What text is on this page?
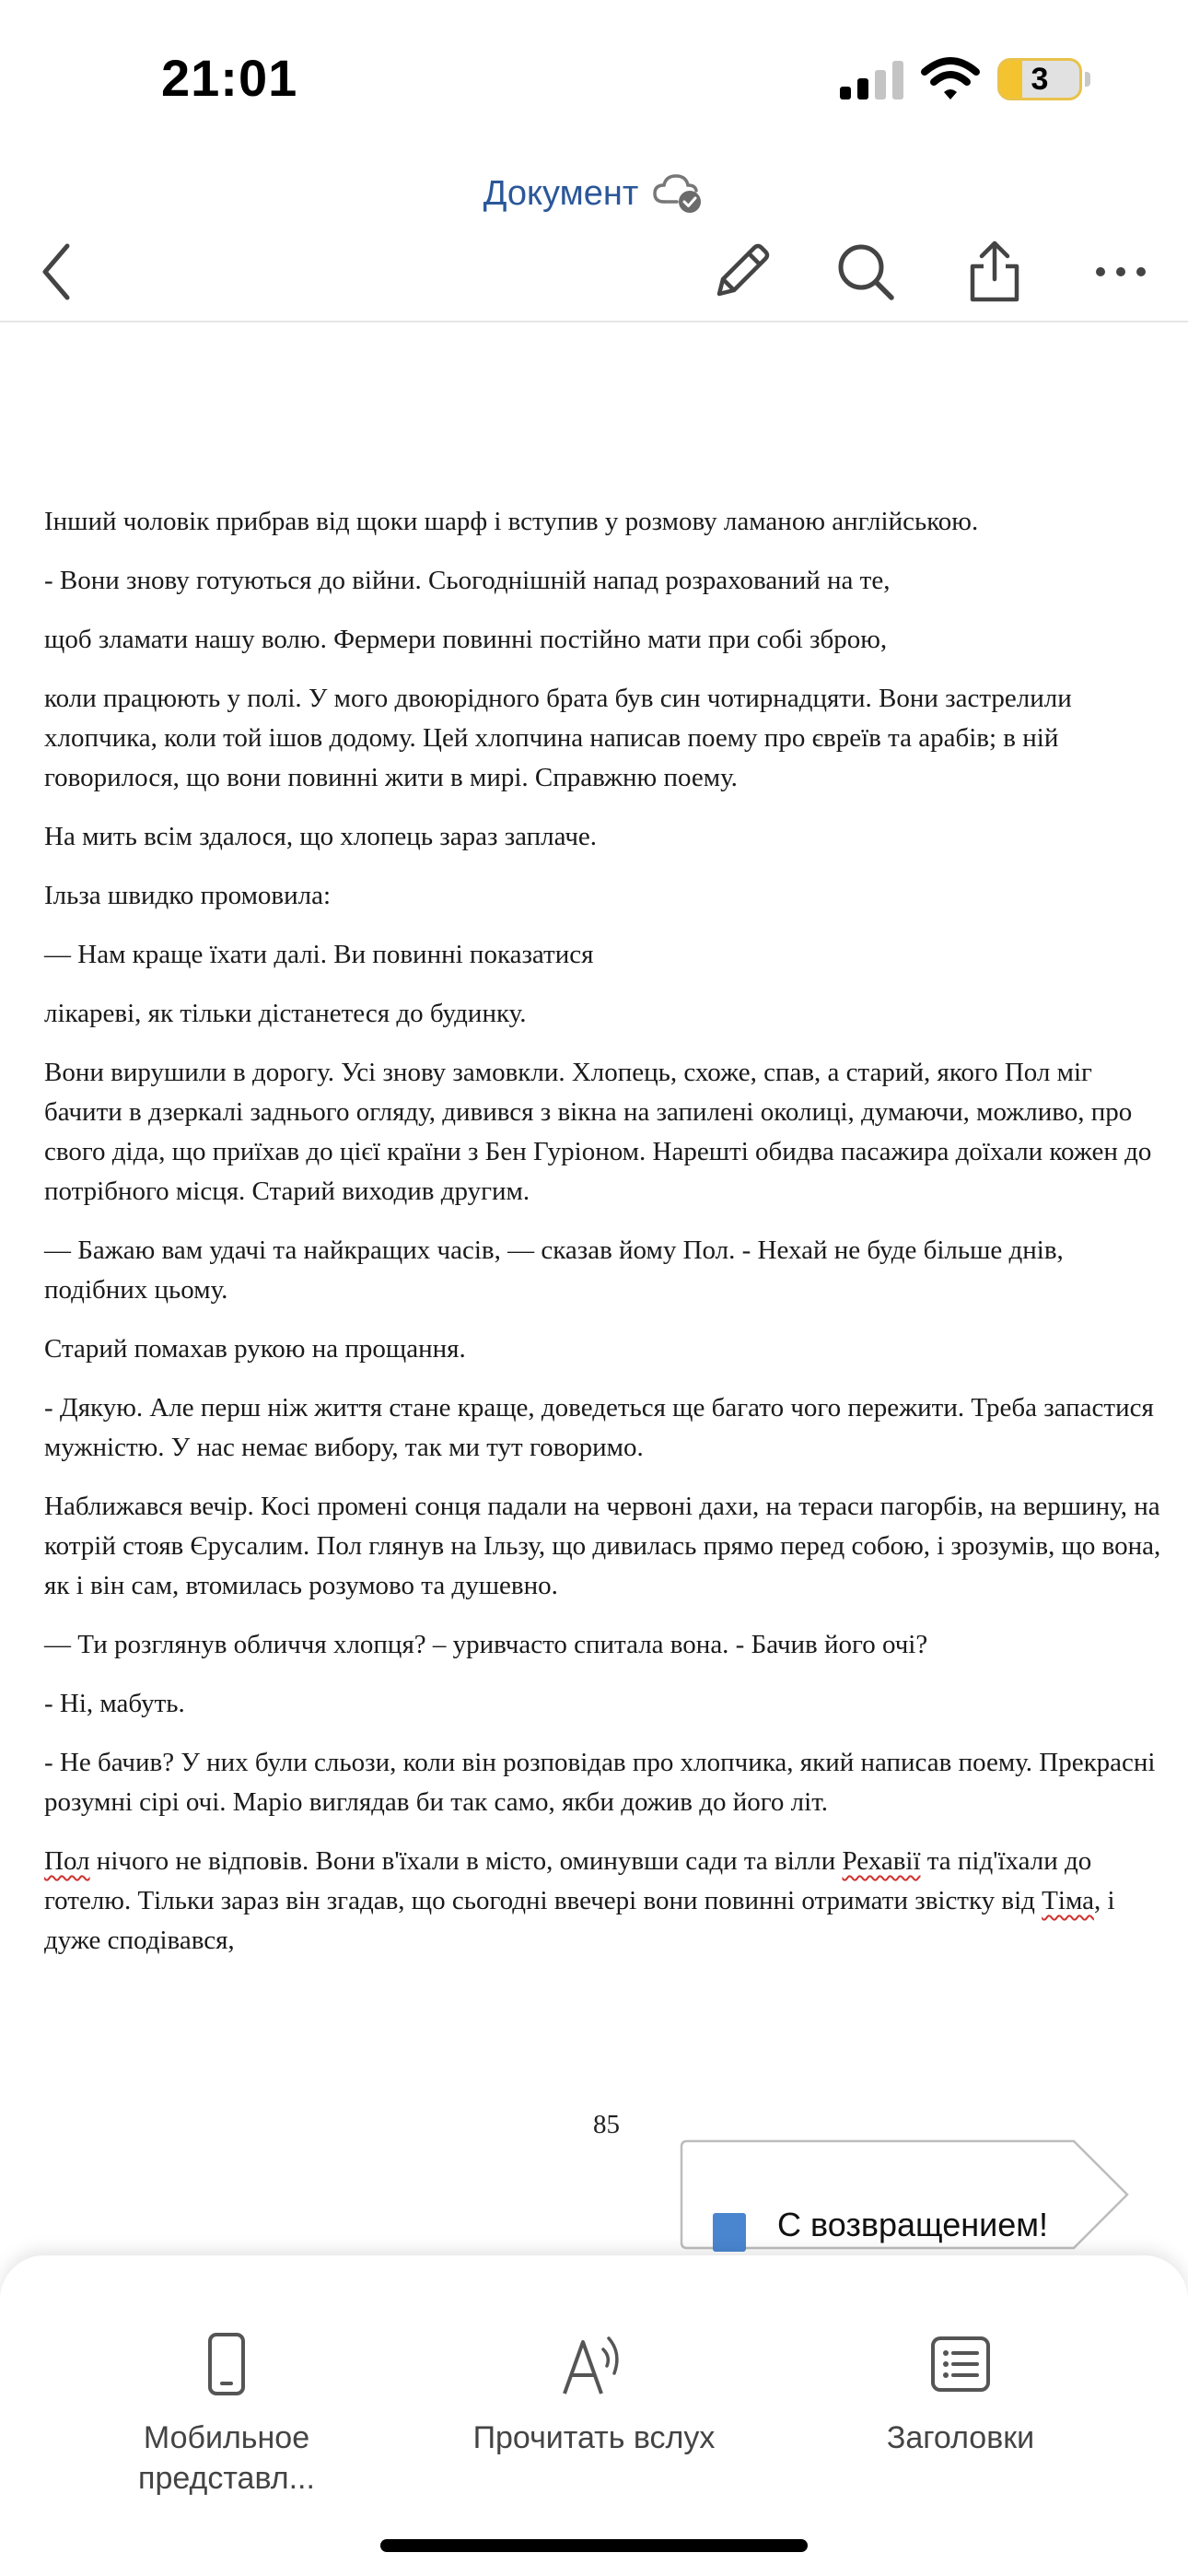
21:01	3
Документ

Інший чоловік прибрав від щоки шарф і вступив у розмову ламаною англійською.

- Вони знову готуються до війни. Сьогоднішній напад розрахований на те,

щоб зламати нашу волю. Фермери повинні постійно мати при собі зброю,

коли працюють у полі. У мого двоюрідного брата був син чотирнадцяти. Вони застрелили хлопчика, коли той ішов додому. Цей хлопчина написав поему про євреїв та арабів; в ній говорилося, що вони повинні жити в мирі. Справжню поему.

На мить всім здалося, що хлопець зараз заплаче.

Ільза швидко промовила:

— Нам краще їхати далі. Ви повинні показатися

лікареві, як тільки дістанетеся до будинку.

Вони вирушили в дорогу. Усі знову замовкли. Хлопець, схоже, спав, а старий, якого Пол міг бачити в дзеркалі заднього огляду, дивився з вікна на запилені околиці, думаючи, можливо, про свого діда, що приїхав до цієї країни з Бен Гуріоном. Нарешті обидва пасажира доїхали кожен до потрібного місця. Старий виходив другим.

— Бажаю вам удачі та найкращих часів, — сказав йому Пол. - Нехай не буде більше днів, подібних цьому.

Старий помахав рукою на прощання.

- Дякую. Але перш ніж життя стане краще, доведеться ще багато чого пережити. Треба запастися мужністю. У нас немає вибору, так ми тут говоримо.

Наближався вечір. Косі промені сонця падали на червоні дахи, на тераси пагорбів, на вершину, на котрій стояв Єрусалим. Пол глянув на Ільзу, що дивилась прямо перед собою, і зрозумів, що вона, як і він сам, втомилась розумово та душевно.

— Ти розглянув обличчя хлопця? – уривчасто спитала вона. - Бачив його очі?

- Ні, мабуть.

- Не бачив? У них були сльози, коли він розповідав про хлопчика, який написав поему. Прекрасні розумні сірі очі. Маріо виглядав би так само, якби дожив до його літ.

Пол нічого не відповів. Вони в'їхали в місто, оминувши сади та вілли Рехавії та під'їхали до готелю. Тільки зараз він згадав, що сьогодні ввечері вони повинні отримати звістку від Тіма, і дуже сподівався,

85
С возвращением!
Мобильное представл...
Прочитать вслух	Заголовки
